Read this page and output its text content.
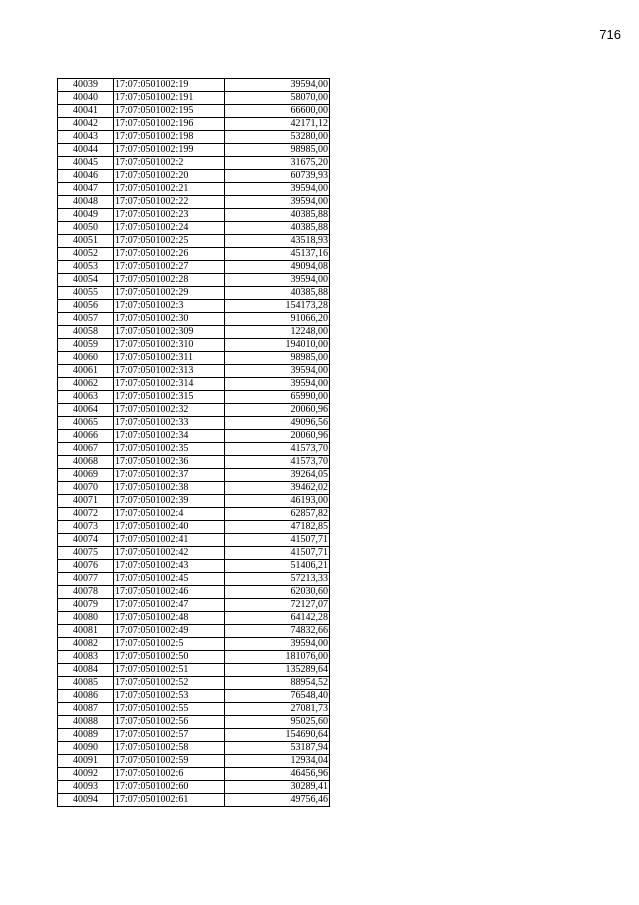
716
40039	17:07:0501002:19	39594,00
40040	17:07:0501002:191	58070,00
40041	17:07:0501002:195	66600,00
40042	17:07:0501002:196	42171,12
40043	17:07:0501002:198	53280,00
40044	17:07:0501002:199	98985,00
40045	17:07:0501002:2	31675,20
40046	17:07:0501002:20	60739,93
40047	17:07:0501002:21	39594,00
40048	17:07:0501002:22	39594,00
40049	17:07:0501002:23	40385,88
40050	17:07:0501002:24	40385,88
40051	17:07:0501002:25	43518,93
40052	17:07:0501002:26	45137,16
40053	17:07:0501002:27	49094,08
40054	17:07:0501002:28	39594,00
40055	17:07:0501002:29	40385,88
40056	17:07:0501002:3	154173,28
40057	17:07:0501002:30	91066,20
40058	17:07:0501002:309	12248,00
40059	17:07:0501002:310	194010,00
40060	17:07:0501002:311	98985,00
40061	17:07:0501002:313	39594,00
40062	17:07:0501002:314	39594,00
40063	17:07:0501002:315	65990,00
40064	17:07:0501002:32	20060,96
40065	17:07:0501002:33	49096,56
40066	17:07:0501002:34	20060,96
40067	17:07:0501002:35	41573,70
40068	17:07:0501002:36	41573,70
40069	17:07:0501002:37	39264,05
40070	17:07:0501002:38	39462,02
40071	17:07:0501002:39	46193,00
40072	17:07:0501002:4	62857,82
40073	17:07:0501002:40	47182,85
40074	17:07:0501002:41	41507,71
40075	17:07:0501002:42	41507,71
40076	17:07:0501002:43	51406,21
40077	17:07:0501002:45	57213,33
40078	17:07:0501002:46	62030,60
40079	17:07:0501002:47	72127,07
40080	17:07:0501002:48	64142,28
40081	17:07:0501002:49	74832,66
40082	17:07:0501002:5	39594,00
40083	17:07:0501002:50	181076,00
40084	17:07:0501002:51	135289,64
40085	17:07:0501002:52	88954,52
40086	17:07:0501002:53	76548,40
40087	17:07:0501002:55	27081,73
40088	17:07:0501002:56	95025,60
40089	17:07:0501002:57	154690,64
40090	17:07:0501002:58	53187,94
40091	17:07:0501002:59	12934,04
40092	17:07:0501002:6	46456,96
40093	17:07:0501002:60	30289,41
40094	17:07:0501002:61	49756,46
